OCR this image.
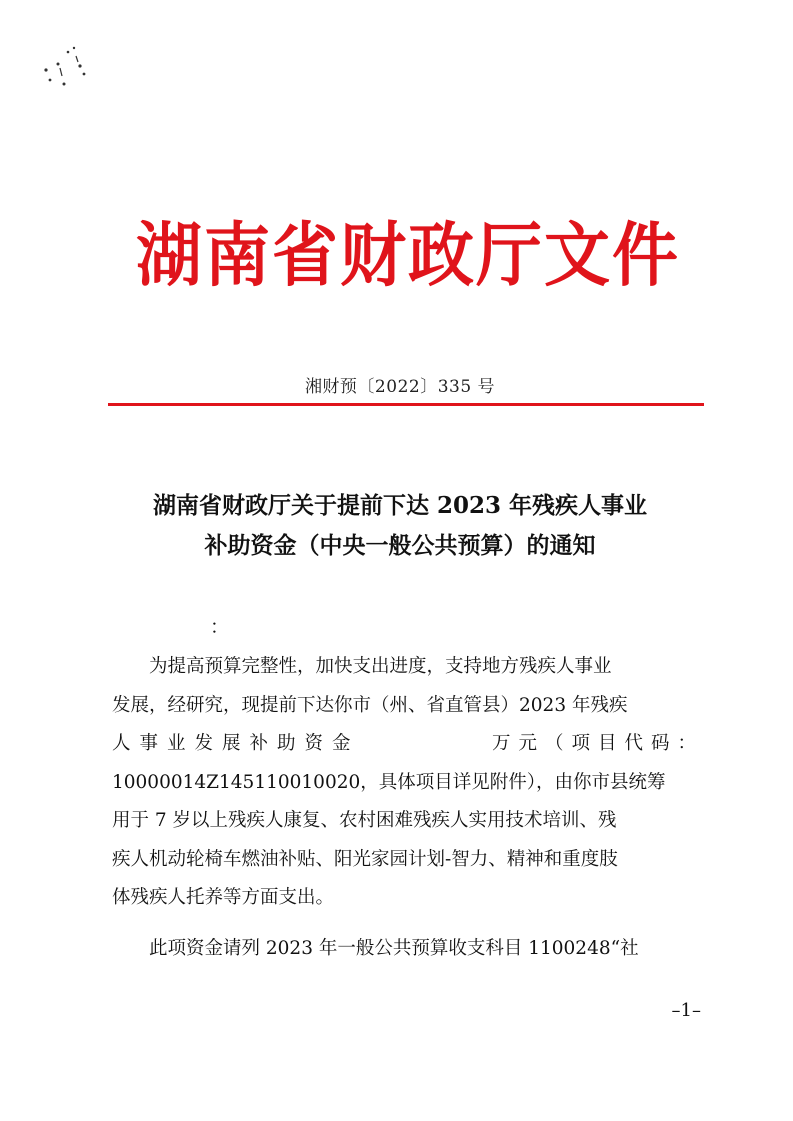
湖南省财政厅文件
湘财预〔2022〕335 号
湖南省财政厅关于提前下达 2023 年残疾人事业
补助资金（中央一般公共预算）的通知
：
为提高预算完整性，加快支出进度，支持地方残疾人事业
发展，经研究，现提前下达你市（州、省直管县）2023 年残疾
人事业发展补助资金	万元（项目代码：
10000014Z145110010020，具体项目详见附件），由你市县统筹
用于 7 岁以上残疾人康复、农村困难残疾人实用技术培训、残
疾人机动轮椅车燃油补贴、阳光家园计划-智力、精神和重度肢
体残疾人托养等方面支出。
此项资金请列 2023 年一般公共预算收支科目 1100248“社
–1–
